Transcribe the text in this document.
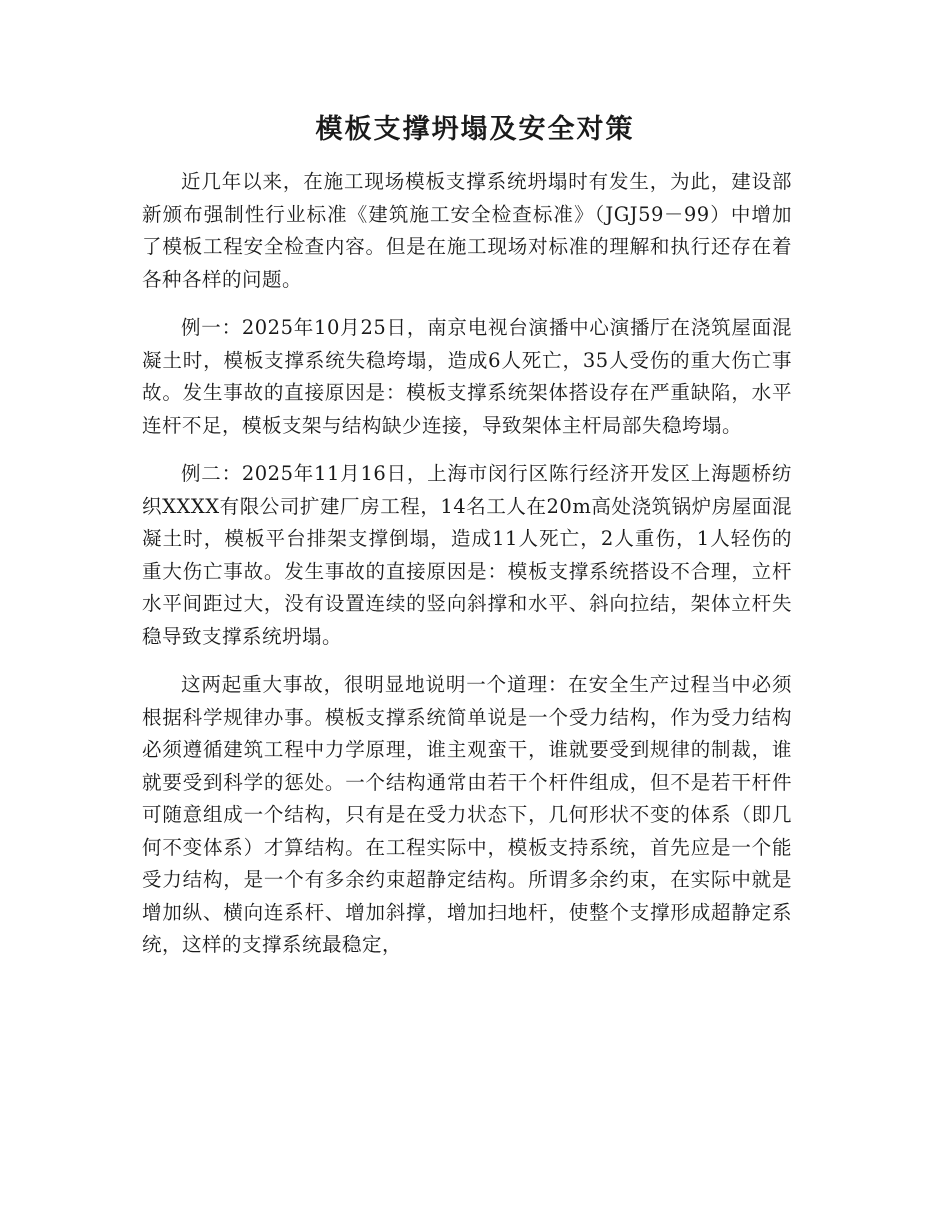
模板支撑坍塌及安全对策

近几年以来，在施工现场模板支撑系统坍塌时有发生，为此，建设部新颁布强制性行业标准《建筑施工安全检查标准》（JGJ59－99）中增加了模板工程安全检查内容。但是在施工现场对标准的理解和执行还存在着各种各样的问题。

例一：2025年10月25日，南京电视台演播中心演播厅在浇筑屋面混凝土时，模板支撑系统失稳垮塌，造成6人死亡，35人受伤的重大伤亡事故。发生事故的直接原因是：模板支撑系统架体搭设存在严重缺陷，水平连杆不足，模板支架与结构缺少连接，导致架体主杆局部失稳垮塌。

例二：2025年11月16日，上海市闵行区陈行经济开发区上海题桥纺织XXXX有限公司扩建厂房工程，14名工人在20m高处浇筑锅炉房屋面混凝土时，模板平台排架支撑倒塌，造成11人死亡，2人重伤，1人轻伤的重大伤亡事故。发生事故的直接原因是：模板支撑系统搭设不合理，立杆水平间距过大，没有设置连续的竖向斜撑和水平、斜向拉结，架体立杆失稳导致支撑系统坍塌。

这两起重大事故，很明显地说明一个道理：在安全生产过程当中必须根据科学规律办事。模板支撑系统简单说是一个受力结构，作为受力结构必须遵循建筑工程中力学原理，谁主观蛮干，谁就要受到规律的制裁，谁就要受到科学的惩处。一个结构通常由若干个杆件组成，但不是若干杆件可随意组成一个结构，只有是在受力状态下，几何形状不变的体系（即几何不变体系）才算结构。在工程实际中，模板支持系统，首先应是一个能受力结构，是一个有多余约束超静定结构。所谓多余约束，在实际中就是增加纵、横向连系杆、增加斜撑，增加扫地杆，使整个支撑形成超静定系统，这样的支撑系统最稳定，
